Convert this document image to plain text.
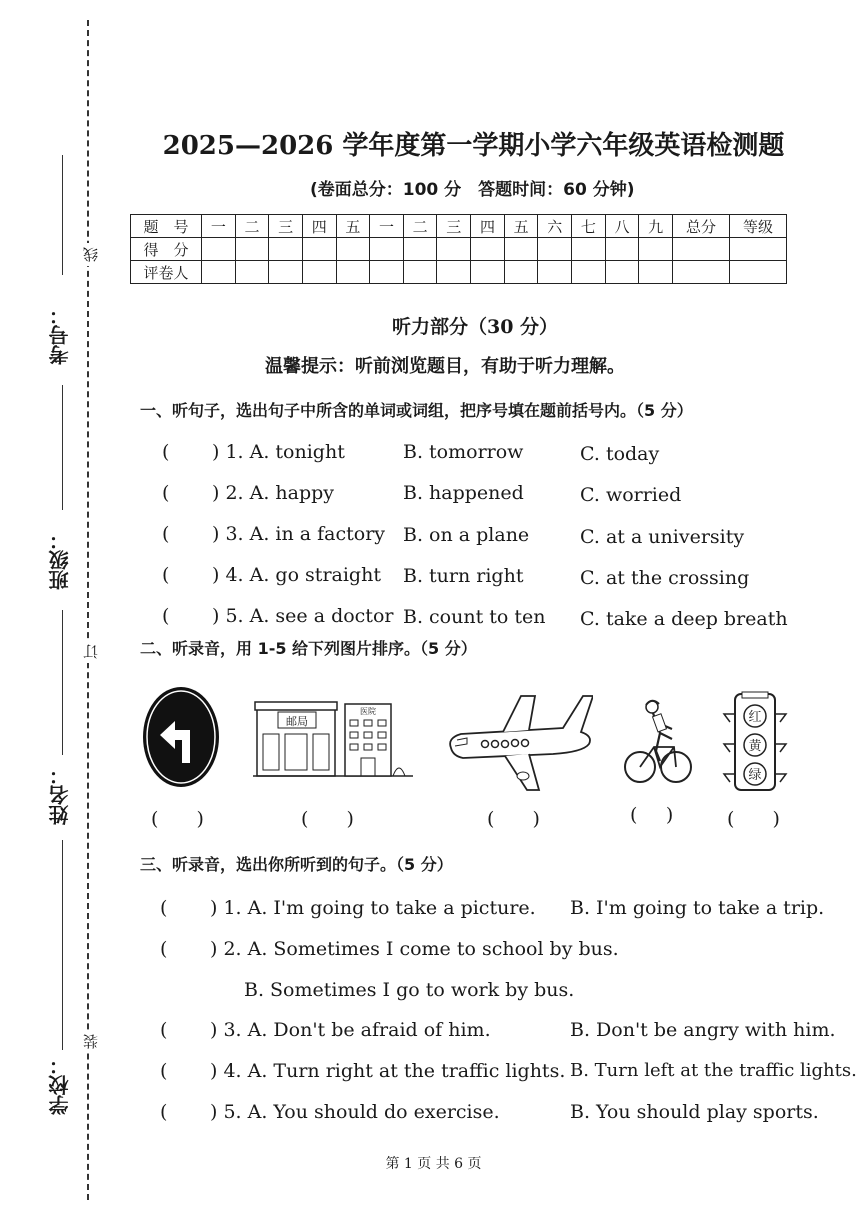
考号：
班级：
姓名：
学校：
线
订
装
2025—2026 学年度第一学期小学六年级英语检测题
(卷面总分：100 分　答题时间：60 分钟)
题　号	一	二	三	四	五	一	二	三	四	五	六	七	八	九	总分	等级
得　分																
评卷人																
听力部分（30 分）
温馨提示：听前浏览题目，有助于听力理解。
一、听句子，选出句子中所含的单词或词组，把序号填在题前括号内。（5 分）
( ) 1. A. tonight	B. tomorrow	C. today
( ) 2. A. happy	B. happened	C. worried
( ) 3. A. in a factory B. on a plane	C. at a university
( ) 4. A. go straight B. turn right	C. at the crossing
( ) 5. A. see a doctor B. count to ten C. take a deep breath
二、听录音，用 1-5 给下列图片排序。（5 分）
邮局
医院	红
黄
绿
(　  )	(　  )	(　  )	(   )	(　  )
三、听录音，选出你所听到的句子。（5 分）
( ) 1. A. I'm going to take a picture. B. I'm going to take a trip.
( ) 2. A. Sometimes I come to school by bus.
B. Sometimes I go to work by bus.
( ) 3. A. Don't be afraid of him.	B. Don't be angry with him.
( ) 4. A. Turn right at the traffic lights. B. Turn left at the traffic lights.
( ) 5. A. You should do exercise.	B. You should play sports.
第 1 页 共 6 页
